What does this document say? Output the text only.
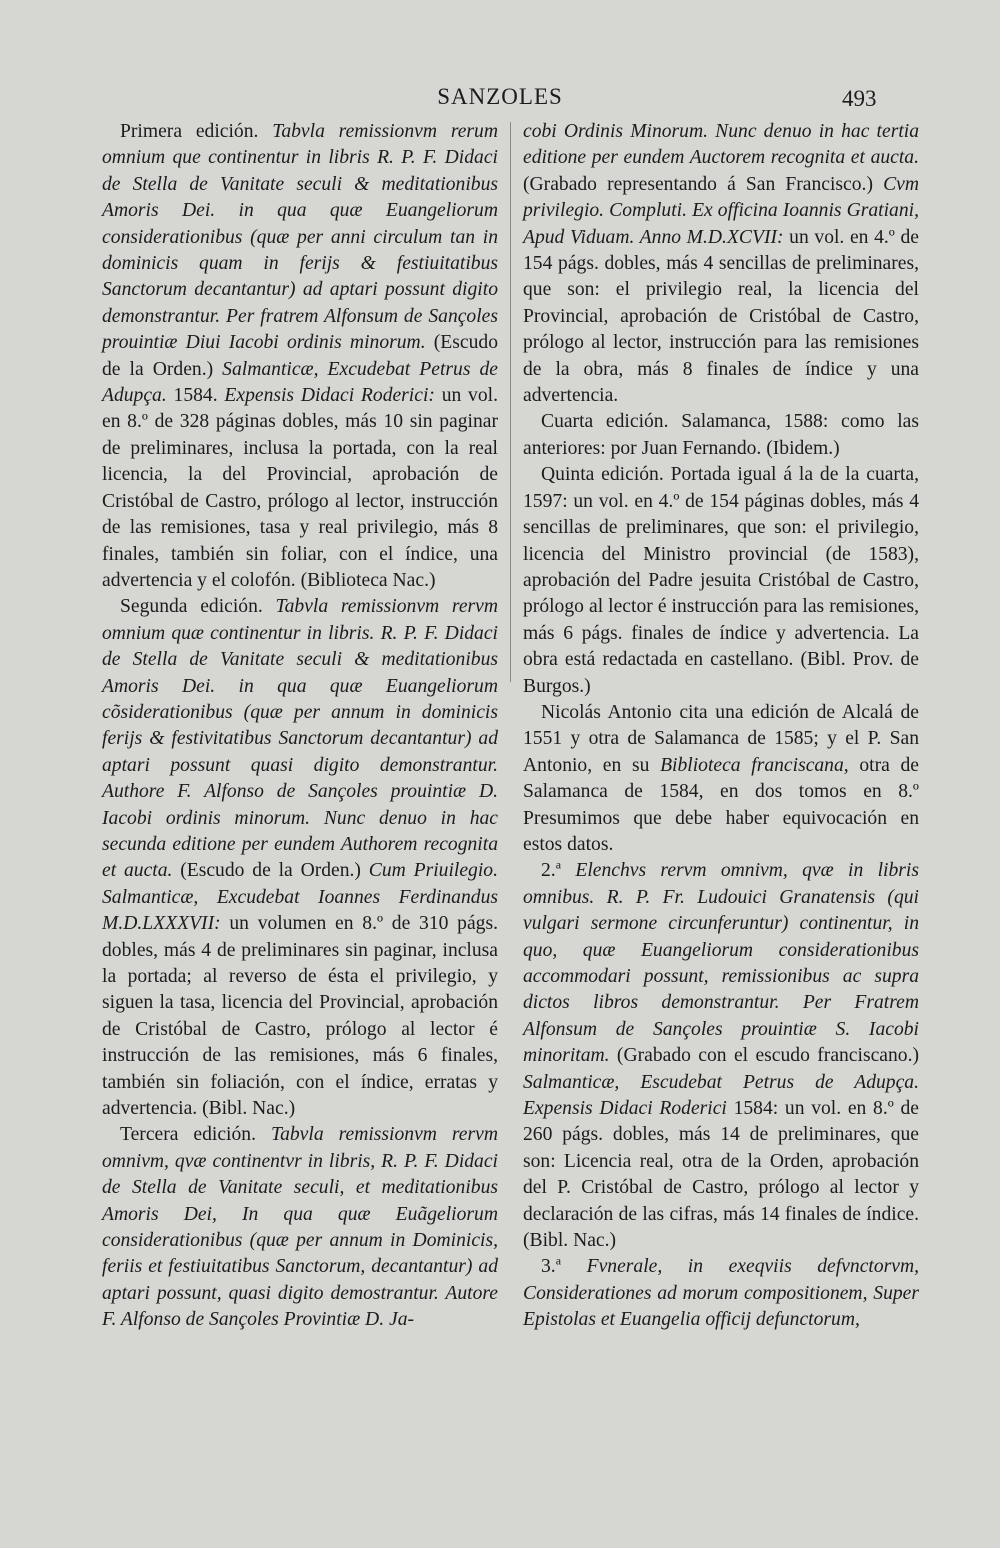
SANZOLES	493

Primera edición. Tabvla remissionvm rerum omnium que continentur in libris R. P. F. Didaci de Stella de Vanitate seculi & meditationibus Amoris Dei. in qua quæ Euangeliorum considerationibus (quæ per anni circulum tan in dominicis quam in ferijs & festiuitatibus Sanctorum decantantur) ad aptari possunt digito demonstrantur. Per fratrem Alfonsum de Sançoles prouintiæ Diui Iacobi ordinis minorum. (Escudo de la Orden.) Salmanticæ, Excudebat Petrus de Aduрça. 1584. Expensis Didaci Roderici: un vol. en 8.º de 328 páginas dobles, más 10 sin paginar de preliminares, inclusa la portada, con la real licencia, la del Provincial, aprobación de Cristóbal de Castro, prólogo al lector, instrucción de las remisiones, tasa y real privilegio, más 8 finales, también sin foliar, con el índice, una advertencia y el colofón. (Biblioteca Nac.)

Segunda edición. Tabvla remissionvm rervm omnium quæ continentur in libris. R. P. F. Didaci de Stella de Vanitate seculi & meditationibus Amoris Dei. in qua quæ Euangeliorum cõsiderationibus (quæ per annum in dominicis ferijs & festivitatibus Sanctorum decantantur) ad aptari possunt quasi digito demonstrantur. Authore F. Alfonso de Sançoles prouintiæ D. Iacobi ordinis minorum. Nunc denuo in hac secunda editione per eundem Authorem recognita et aucta. (Escudo de la Orden.) Cum Priuilegio. Salmanticæ, Excudebat Ioannes Ferdinandus M.D.LXXXVII: un volumen en 8.º de 310 págs. dobles, más 4 de preliminares sin paginar, inclusa la portada; al reverso de ésta el privilegio, y siguen la tasa, licencia del Provincial, aprobación de Cristóbal de Castro, prólogo al lector é instrucción de las remisiones, más 6 finales, también sin foliación, con el índice, erratas y advertencia. (Bibl. Nac.)

Tercera edición. Tabvla remissionvm rervm omnivm, qvæ continentvr in libris, R. P. F. Didaci de Stella de Vanitate seculi, et meditationibus Amoris Dei, In qua quæ Euãgeliorum considerationibus (quæ per annum in Dominicis, feriis et festiuitatibus Sanctorum, decantantur) ad aptari possunt, quasi digito demostrantur. Autore F. Alfonso de Sançoles Provintiæ D. Ja-

cobi Ordinis Minorum. Nunc denuo in hac tertia editione per eundem Auctorem recognita et aucta. (Grabado representando á San Francisco.) Cvm privilegio. Compluti. Ex officina Ioannis Gratiani, Apud Viduam. Anno M.D.XCVII: un vol. en 4.º de 154 págs. dobles, más 4 sencillas de preliminares, que son: el privilegio real, la licencia del Provincial, aprobación de Cristóbal de Castro, prólogo al lector, instrucción para las remisiones de la obra, más 8 finales de índice y una advertencia.

Cuarta edición. Salamanca, 1588: como las anteriores: por Juan Fernando. (Ibidem.)

Quinta edición. Portada igual á la de la cuarta, 1597: un vol. en 4.º de 154 páginas dobles, más 4 sencillas de preliminares, que son: el privilegio, licencia del Ministro provincial (de 1583), aprobación del Padre jesuita Cristóbal de Castro, prólogo al lector é instrucción para las remisiones, más 6 págs. finales de índice y advertencia. La obra está redactada en castellano. (Bibl. Prov. de Burgos.)

Nicolás Antonio cita una edición de Alcalá de 1551 y otra de Salamanca de 1585; y el P. San Antonio, en su Biblioteca franciscana, otra de Salamanca de 1584, en dos tomos en 8.º Presumimos que debe haber equivocación en estos datos.

2.$^a$ Elenchvs rervm omnivm, qvæ in libris omnibus. R. P. Fr. Ludouici Granatensis (qui vulgari sermone circunferuntur) continentur, in quo, quæ Euangeliorum considerationibus accommodari possunt, remissionibus ac supra dictos libros demonstrantur. Per Fratrem Alfonsum de Sançoles prouintiæ S. Iacobi minoritam. (Grabado con el escudo franciscano.) Salmanticæ, Escudebat Petrus de Aduрça. Expensis Didaci Roderici 1584: un vol. en 8.º de 260 págs. dobles, más 14 de preliminares, que son: Licencia real, otra de la Orden, aprobación del P. Cristóbal de Castro, prólogo al lector y declaración de las cifras, más 14 finales de índice. (Bibl. Nac.)

3.$^a$ Fvnerale, in exeqviis defvnctorvm, Considerationes ad morum compositionem, Super Epistolas et Euangelia officij defunctorum,
